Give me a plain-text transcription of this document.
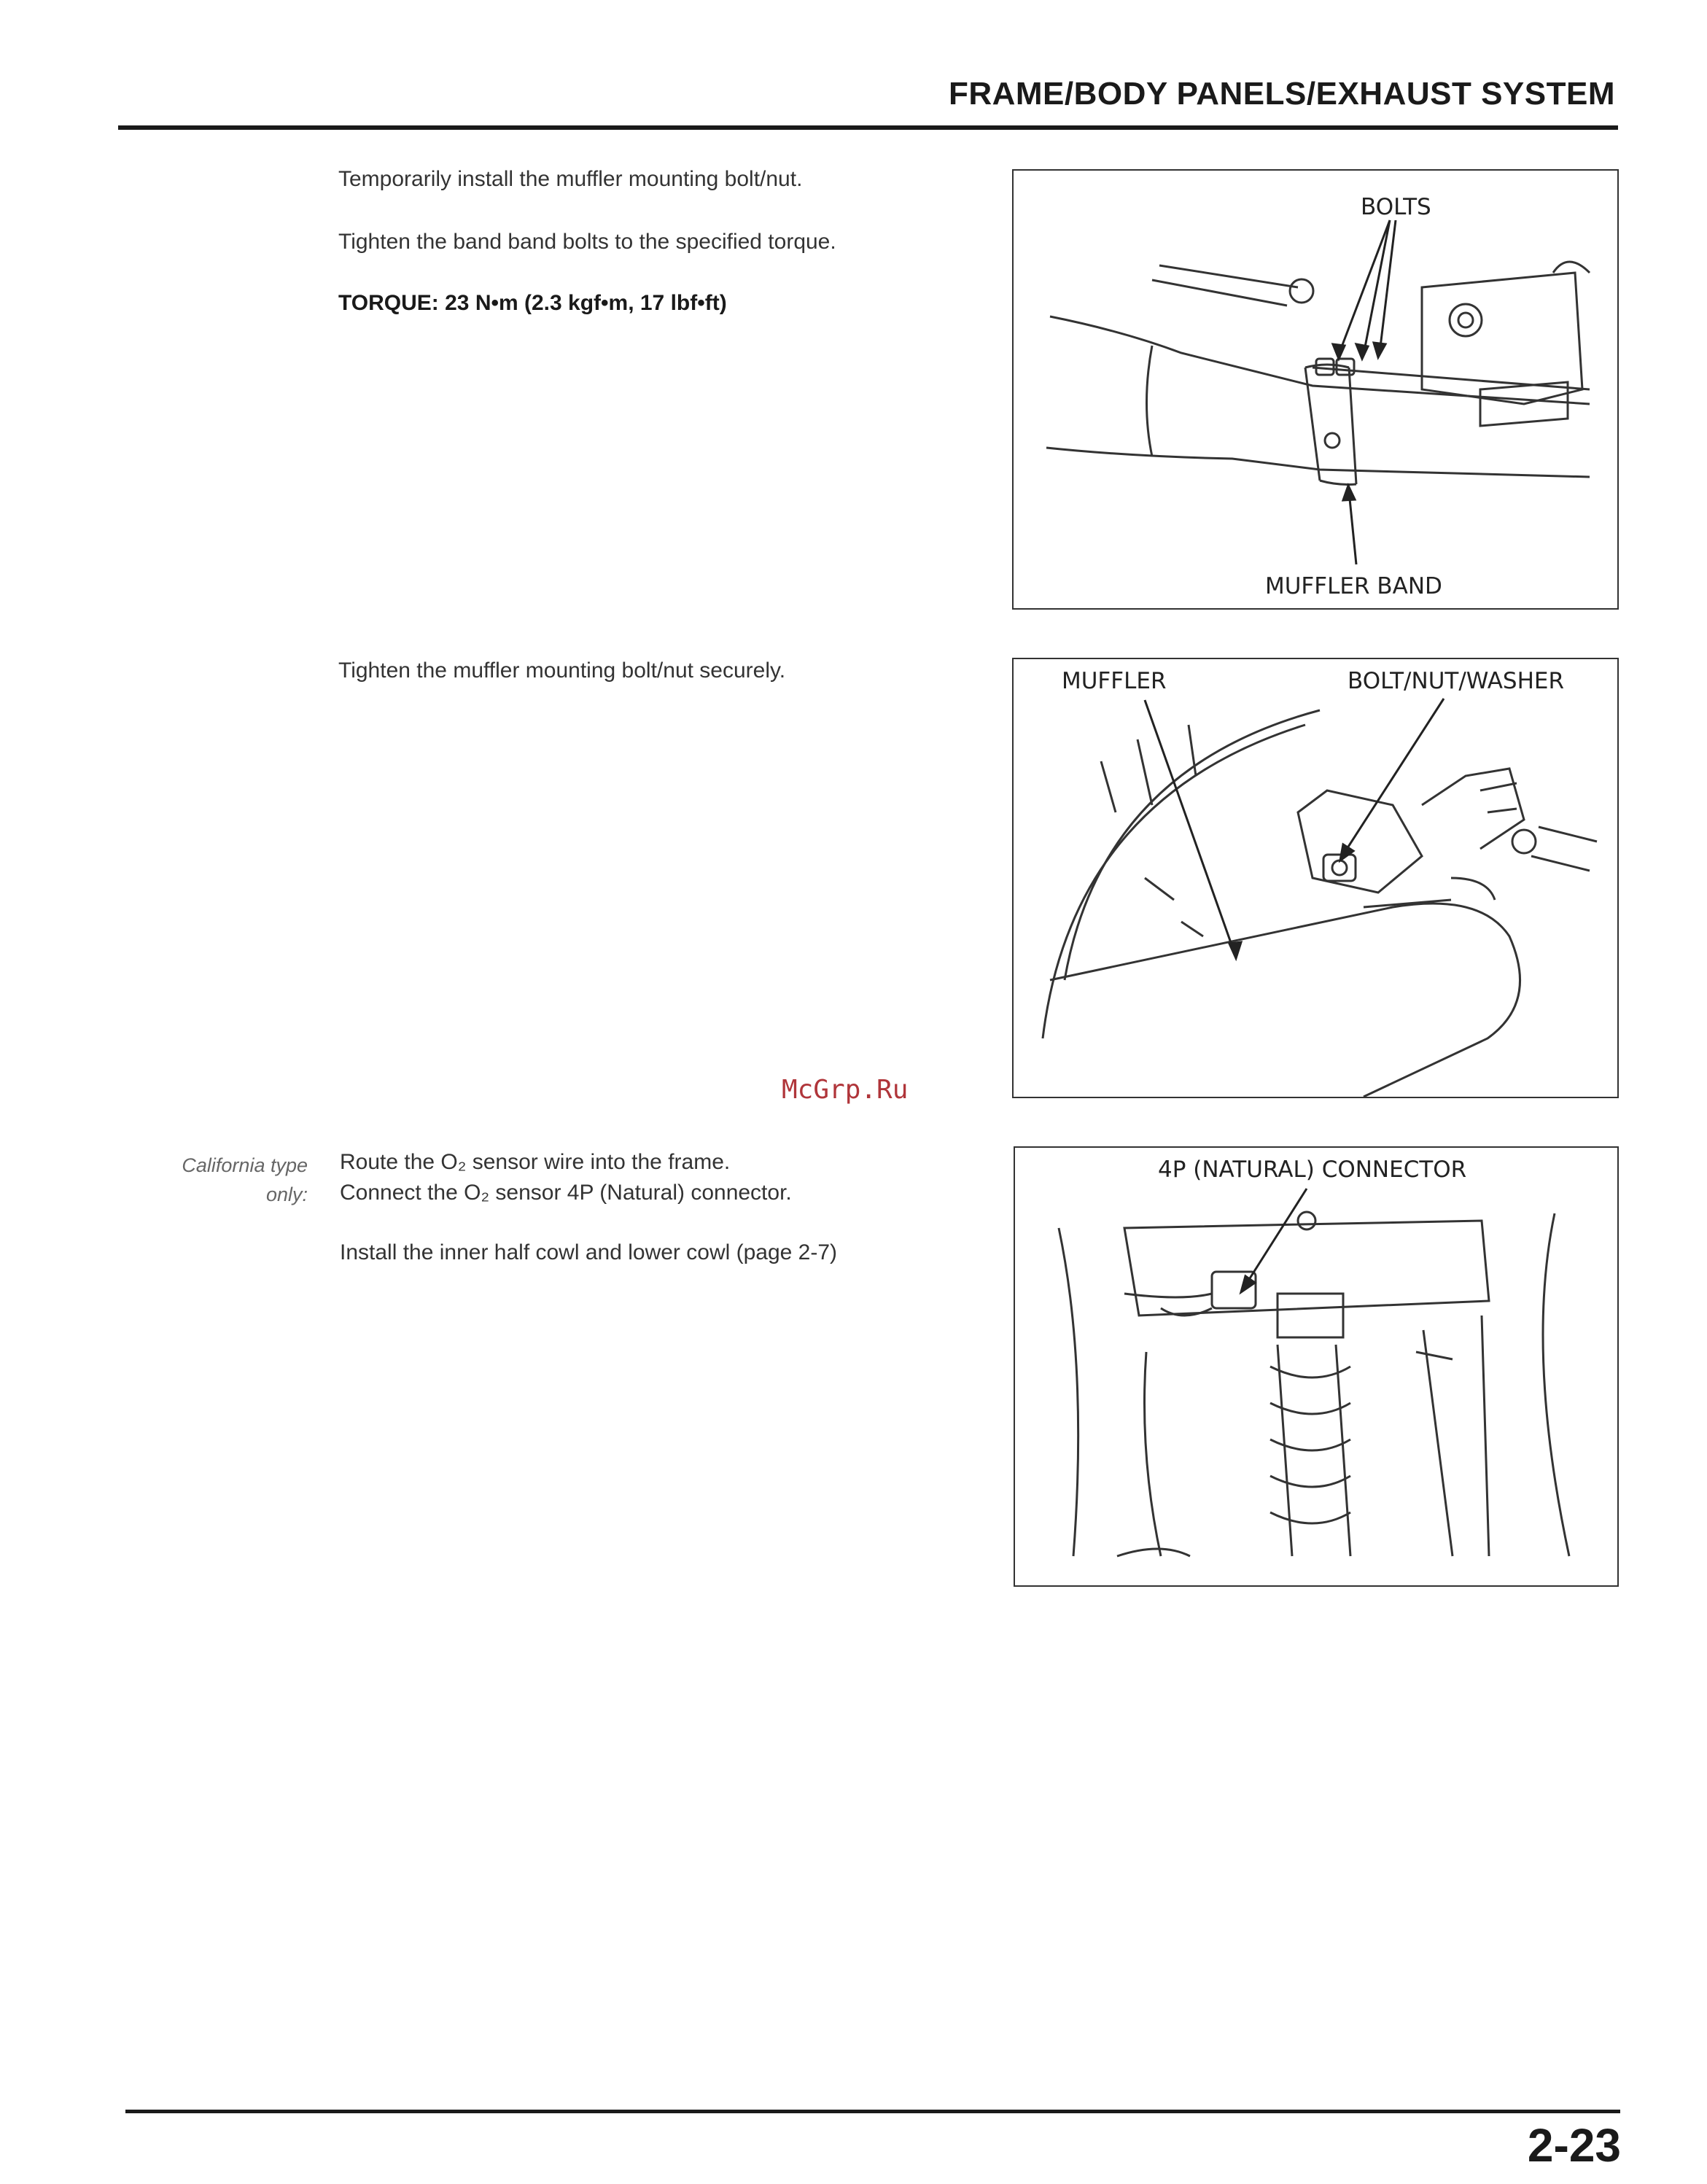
FRAME/BODY PANELS/EXHAUST SYSTEM
Temporarily install the muffler mounting bolt/nut.
Tighten the band band bolts to the specified torque.
TORQUE: 23 N•m (2.3 kgf•m, 17 lbf•ft)
Tighten the muffler mounting bolt/nut securely.
McGrp.Ru
California type
only:
Route the O₂ sensor wire into the frame.
Connect the O₂ sensor 4P (Natural) connector.
Install the inner half cowl and lower cowl (page 2-7)
BOLTS
MUFFLER BAND
MUFFLER	BOLT/NUT/WASHER
4P (NATURAL) CONNECTOR
2-23
